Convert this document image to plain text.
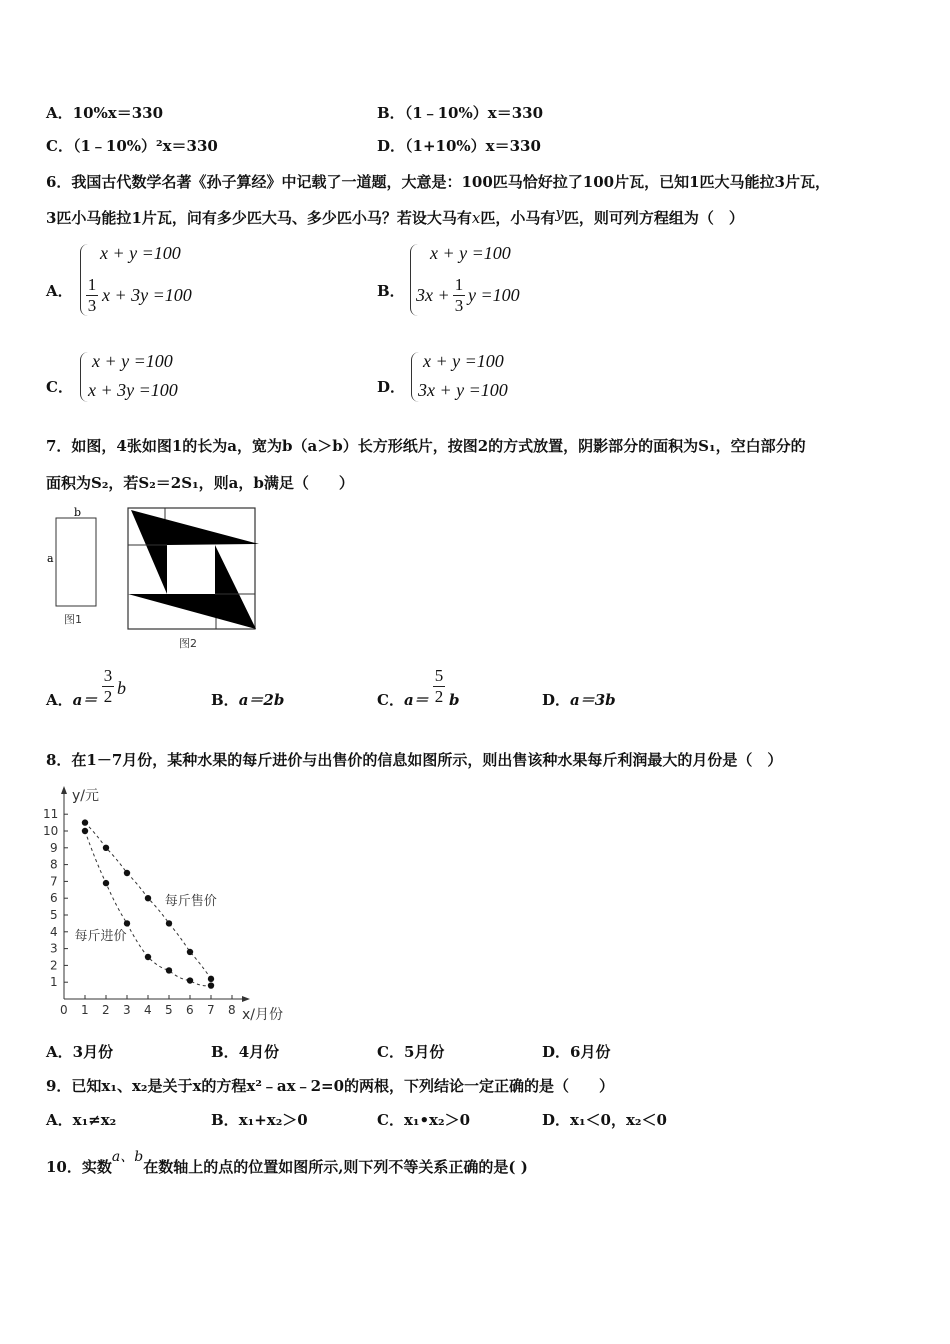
A．10%x＝330	B．（1﹣10%）x＝330
C．（1﹣10%）²x＝330	D．（1+10%）x＝330
6．我国古代数学名著《孙子算经》中记载了一道题，大意是：100匹马恰好拉了100片瓦，已知1匹大马能拉3片瓦，
3匹小马能拉1片瓦，问有多少匹大马、多少匹小马？若设大马有x匹，小马有y匹，则可列方程组为（　）
A．
x + y =100
1
3
x + 3y =100	B．
x + y =100
3x +
1
3
y =100
C．
x + y =100
x + 3y =100	D．
x + y =100
3x + y =100
7．如图，4张如图1的长为a，宽为b（a＞b）长方形纸片，按图2的方式放置，阴影部分的面积为S₁，空白部分的
面积为S₂，若S₂＝2S₁，则a，b满足（　　）
b
a
图1
图2
A．a＝
3
2 b
B．a＝2b	C．a＝
5
2 b	D．a＝3b
8．在1－7月份，某种水果的每斤进价与出售价的信息如图所示，则出售该种水果每斤利润最大的月份是（　）
y/元
x/月份
0 1 2 3 4 5 6 7 8
1
2
3
4
5
6
7
8
9
10
11
每斤售价
每斤进价
A．3月份	B．4月份	C．5月份	D．6月份
9．已知x₁、x₂是关于x的方程x²﹣ax﹣2=0的两根，下列结论一定正确的是（　　）
A．x₁≠x₂	B．x₁+x₂＞0	C．x₁•x₂＞0	D．x₁＜0，x₂＜0
10．实数a、b在数轴上的点的位置如图所示,则下列不等关系正确的是( )
